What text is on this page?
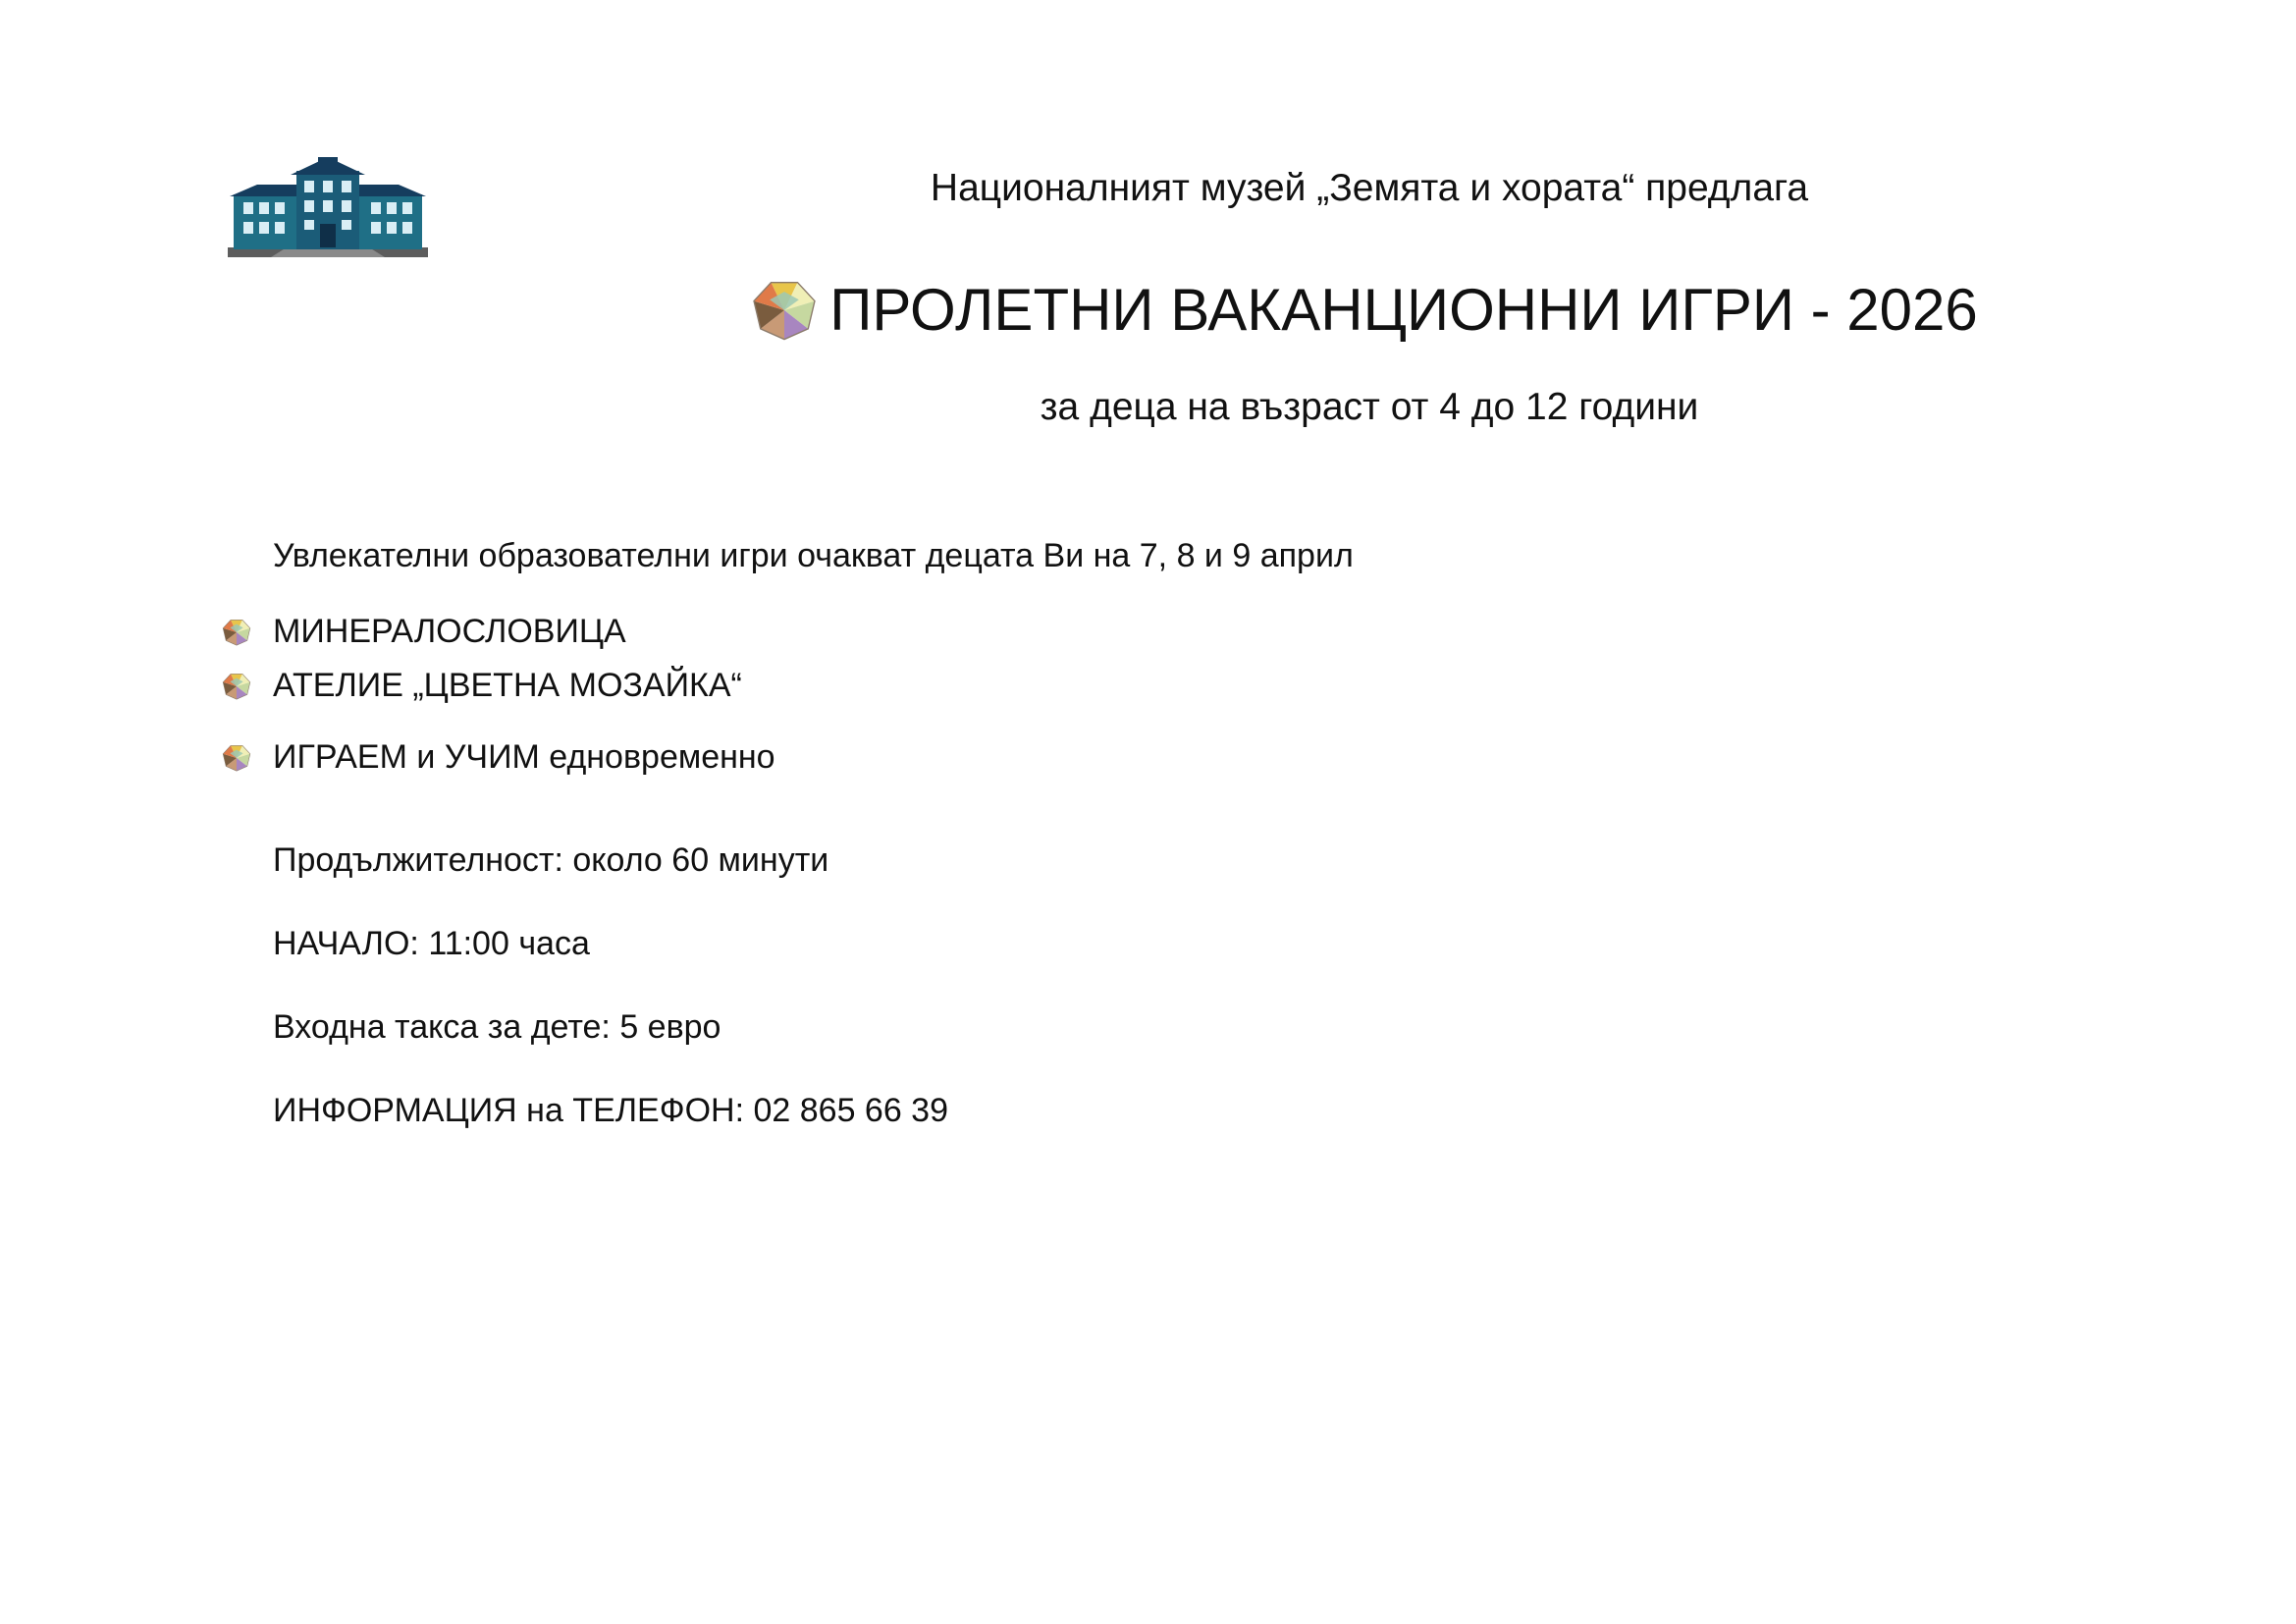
Националният музей „Земята и хората“ предлага
ПРОЛЕТНИ ВАКАНЦИОННИ ИГРИ - 2026
за деца на възраст от 4 до 12 години
Увлекателни образователни игри очакват децата Ви на 7, 8 и 9 април
МИНЕРАЛОСЛОВИЦА
АТЕЛИЕ „ЦВЕТНА МОЗАЙКА“
ИГРАЕМ и УЧИМ едновременно
Продължителност: около 60 минути
НАЧАЛО: 11:00 часа
Входна такса за дете: 5 евро
ИНФОРМАЦИЯ на ТЕЛЕФОН: 02 865 66 39
